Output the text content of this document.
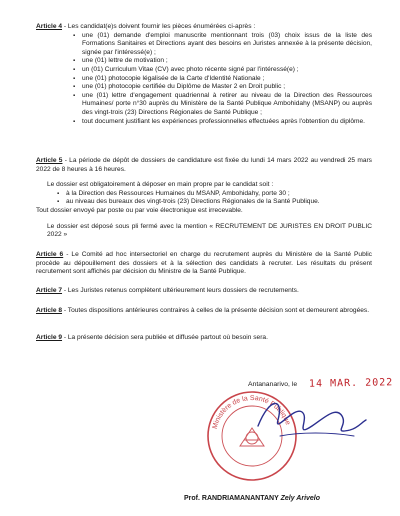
Article 4 - Les candidat(e)s doivent fournir les pièces énumérées ci-après :

▪ une (01) demande d'emploi manuscrite mentionnant trois (03) choix issus de la liste des Formations Sanitaires et Directions ayant des besoins en Juristes annexée à la présente décision, signée par l'intéressé(e) ;
▪ une (01) lettre de motivation ;
▪ un (01) Curriculum Vitae (CV) avec photo récente signé par l'intéressé(e) ;
▪ une (01) photocopie légalisée de la Carte d'Identité Nationale ;
▪ une (01) photocopie certifiée du Diplôme de Master 2 en Droit public ;
▪ une (01) lettre d'engagement quadriennal à retirer au niveau de la Direction des Ressources Humaines/ porte n°30 auprès du Ministère de la Santé Publique Ambohidahy (MSANP) ou auprès des vingt-trois (23) Directions Régionales de Santé Publique ;
▪ tout document justifiant les expériences professionnelles effectuées après l'obtention du diplôme.

Article 5 - La période de dépôt de dossiers de candidature est fixée du lundi 14 mars 2022 au vendredi 25 mars 2022 de 8 heures à 16 heures.

Le dossier est obligatoirement à déposer en main propre par le candidat soit :

▪ à la Direction des Ressources Humaines du MSANP, Ambohidahy, porte 30 ;
▪ au niveau des bureaux des vingt-trois (23) Directions Régionales de la Santé Publique.

Tout dossier envoyé par poste ou par voie électronique est irrecevable.

Le dossier est déposé sous pli fermé avec la mention « RECRUTEMENT DE JURISTES EN DROIT PUBLIC 2022 »

Article 6 - Le Comité ad hoc intersectoriel en charge du recrutement auprès du Ministère de la Santé Public procède au dépouillement des dossiers et à la sélection des candidats à recruter. Les résultats du présent recrutement sont affichés par décision du Ministre de la Santé Publique.

Article 7 - Les Juristes retenus complètent ultérieurement leurs dossiers de recrutements.

Article 8 - Toutes dispositions antérieures contraires à celles de la présente décision sont et demeurent abrogées.

Article 9 - La présente décision sera publiée et diffusée partout où besoin sera.

Antananarivo, le 14 MAR. 2022
Ministère de la Santé Publique
Prof. RANDRIAMANANTANY Zely Arivelo
